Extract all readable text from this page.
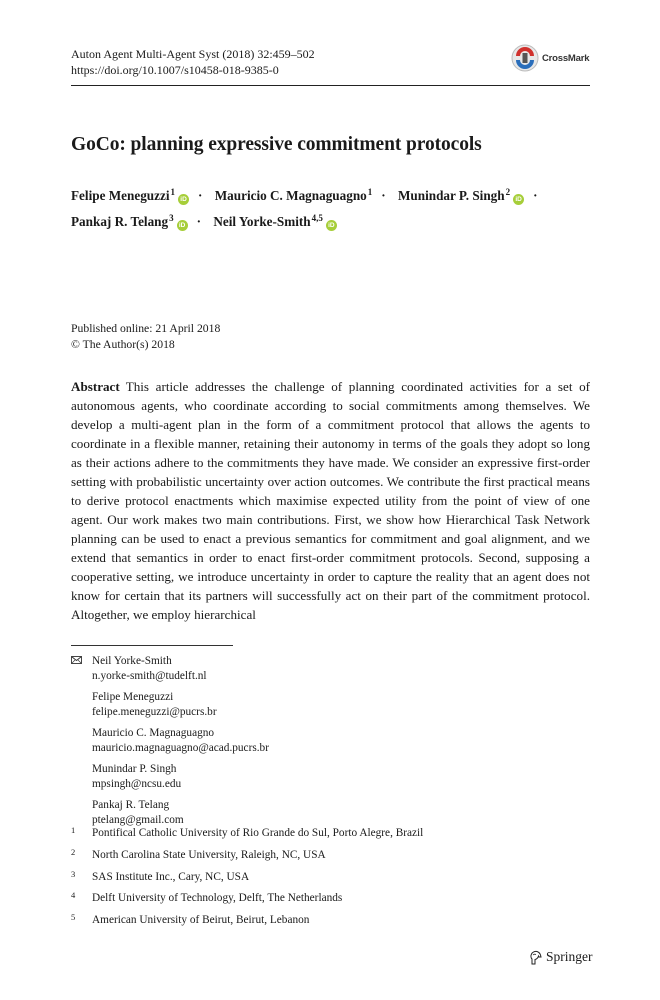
Auton Agent Multi-Agent Syst (2018) 32:459–502
https://doi.org/10.1007/s10458-018-9385-0
CrossMark
GoCo: planning expressive commitment protocols
Felipe Meneguzzi$^1$iD · Mauricio C. Magnaguagno$^1$ · Munindar P. Singh$^2$iD ·
Pankaj R. Telang$^3$iD · Neil Yorke-Smith$^{4,5}$iD
Published online: 21 April 2018
© The Author(s) 2018
Abstract This article addresses the challenge of planning coordinated activities for a set of autonomous agents, who coordinate according to social commitments among themselves. We develop a multi-agent plan in the form of a commitment protocol that allows the agents to coordinate in a flexible manner, retaining their autonomy in terms of the goals they adopt so long as their actions adhere to the commitments they have made. We consider an expressive first-order setting with probabilistic uncertainty over action outcomes. We contribute the first practical means to derive protocol enactments which maximise expected utility from the point of view of one agent. Our work makes two main contributions. First, we show how Hierarchical Task Network planning can be used to enact a previous semantics for commitment and goal alignment, and we extend that semantics in order to enact first-order commitment protocols. Second, supposing a cooperative setting, we introduce uncertainty in order to capture the reality that an agent does not know for certain that its partners will successfully act on their part of the commitment protocol. Altogether, we employ hierarchical
Neil Yorke-Smith
n.yorke-smith@tudelft.nl
Felipe Meneguzzi
felipe.meneguzzi@pucrs.br
Mauricio C. Magnaguagno
mauricio.magnaguagno@acad.pucrs.br
Munindar P. Singh
mpsingh@ncsu.edu
Pankaj R. Telang
ptelang@gmail.com
1 Pontifical Catholic University of Rio Grande do Sul, Porto Alegre, Brazil
2 North Carolina State University, Raleigh, NC, USA
3 SAS Institute Inc., Cary, NC, USA
4 Delft University of Technology, Delft, The Netherlands
5 American University of Beirut, Beirut, Lebanon
Springer
